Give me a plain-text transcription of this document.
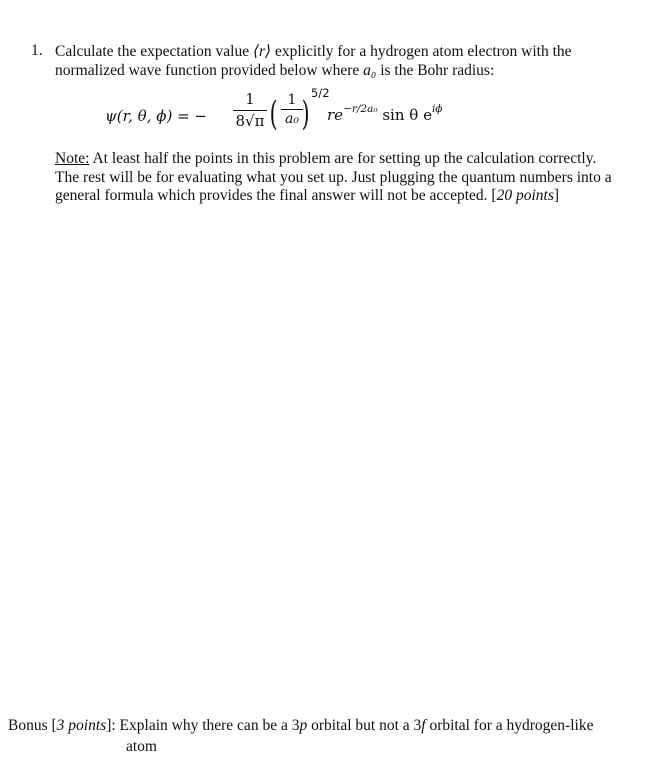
1. Calculate the expectation value ⟨r⟩ explicitly for a hydrogen atom electron with the
normalized wave function provided below where a₀ is the Bohr radius:
ψ(r, θ, ϕ) = −
1
8√π ( 1
a₀ )
5/2
$re^{-r/2a_0}$ sin θ $e^{i\phi}$
Note: At least half the points in this problem are for setting up the calculation correctly.
The rest will be for evaluating what you set up. Just plugging the quantum numbers into a
general formula which provides the final answer will not be accepted. [20 points]
Bonus [3 points]: Explain why there can be a 3p orbital but not a 3f orbital for a hydrogen-like
atom
